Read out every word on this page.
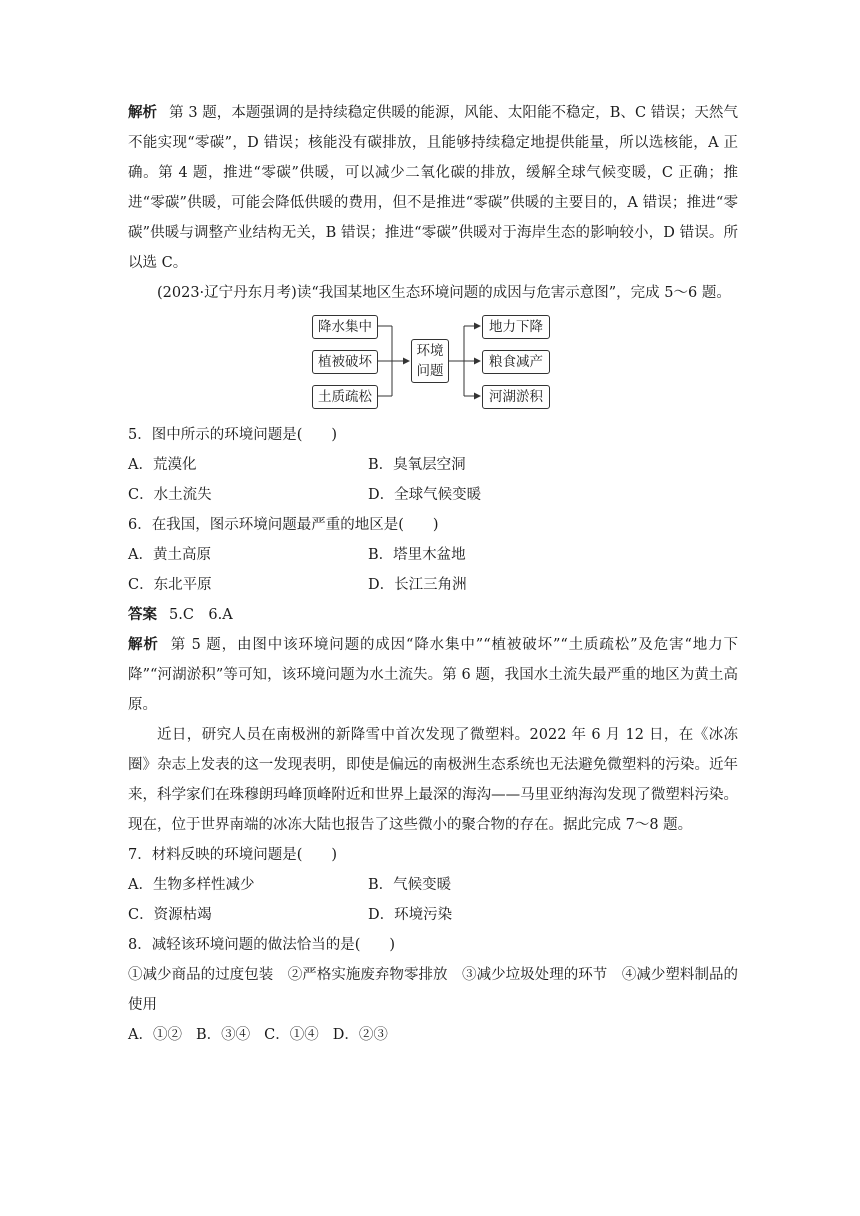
解析 第 3 题，本题强调的是持续稳定供暖的能源，风能、太阳能不稳定，B、C 错误；天然气不能实现“零碳”，D 错误；核能没有碳排放，且能够持续稳定地提供能量，所以选核能，A 正确。第 4 题，推进“零碳”供暖，可以减少二氧化碳的排放，缓解全球气候变暖，C 正确；推进“零碳”供暖，可能会降低供暖的费用，但不是推进“零碳”供暖的主要目的，A 错误；推进“零碳”供暖与调整产业结构无关，B 错误；推进“零碳”供暖对于海岸生态的影响较小，D 错误。所以选 C。

(2023·辽宁丹东月考)读“我国某地区生态环境问题的成因与危害示意图”，完成 5～6 题。

降水集中
植被破坏
土质疏松
环境
问题
地力下降
粮食减产
河湖淤积

5．图中所示的环境问题是(　　)

A．荒漠化	B．臭氧层空洞
C．水土流失	D．全球气候变暖

6．在我国，图示环境问题最严重的地区是(　　)

A．黄土高原	B．塔里木盆地
C．东北平原	D．长江三角洲

答案 5.C　6.A

解析 第 5 题，由图中该环境问题的成因“降水集中”“植被破坏”“土质疏松”及危害“地力下降”“河湖淤积”等可知，该环境问题为水土流失。第 6 题，我国水土流失最严重的地区为黄土高原。

近日，研究人员在南极洲的新降雪中首次发现了微塑料。2022 年 6 月 12 日，在《冰冻圈》杂志上发表的这一发现表明，即使是偏远的南极洲生态系统也无法避免微塑料的污染。近年来，科学家们在珠穆朗玛峰顶峰附近和世界上最深的海沟——马里亚纳海沟发现了微塑料污染。现在，位于世界南端的冰冻大陆也报告了这些微小的聚合物的存在。据此完成 7～8 题。

7．材料反映的环境问题是(　　)

A．生物多样性减少	B．气候变暖
C．资源枯竭	D．环境污染

8．减轻该环境问题的做法恰当的是(　　)

①减少商品的过度包装　②严格实施废弃物零排放　③减少垃圾处理的环节　④减少塑料制品的使用

A．①② B．③④ C．①④ D．②③
